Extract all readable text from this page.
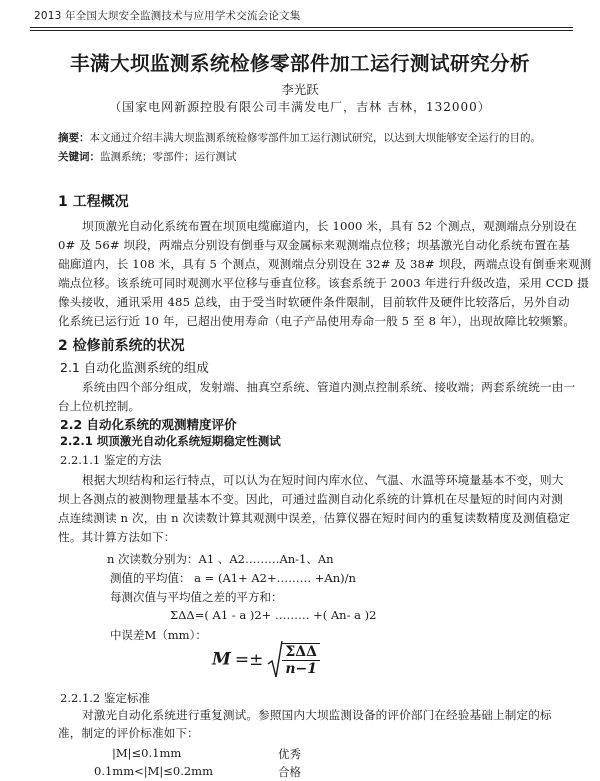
2013 年全国大坝安全监测技术与应用学术交流会论文集
丰满大坝监测系统检修零部件加工运行测试研究分析
李光跃
（国家电网新源控股有限公司丰满发电厂，吉林 吉林，132000）
摘要：本文通过介绍丰满大坝监测系统检修零部件加工运行测试研究，以达到大坝能够安全运行的目的。
关键词：监测系统；零部件；运行测试
1 工程概况
坝顶激光自动化系统布置在坝顶电缆廊道内，长 1000 米，具有 52 个测点，观测端点分别设在
0# 及 56# 坝段，两端点分别设有倒垂与双金属标来观测端点位移；坝基激光自动化系统布置在基
础廊道内，长 108 米，具有 5 个测点，观测端点分别设在 32# 及 38# 坝段，两端点设有倒垂来观测
端点位移。该系统可同时观测水平位移与垂直位移。该套系统于 2003 年进行升级改造，采用 CCD 摄
像头接收，通讯采用 485 总线，由于受当时软硬件条件限制，目前软件及硬件比较落后，另外自动
化系统已运行近 10 年，已超出使用寿命（电子产品使用寿命一般 5 至 8 年），出现故障比较频繁。
2 检修前系统的状况
2.1 自动化监测系统的组成
系统由四个部分组成，发射端、抽真空系统、管道内测点控制系统、接收端；两套系统统一由一
台上位机控制。
2.2 自动化系统的观测精度评价
2.2.1 坝顶激光自动化系统短期稳定性测试
2.2.1.1 鉴定的方法
根据大坝结构和运行特点，可以认为在短时间内库水位、气温、水温等环境量基本不变，则大
坝上各测点的被测物理量基本不变。因此，可通过监测自动化系统的计算机在尽量短的时间内对测
点连续测读 n 次，由 n 次读数计算其观测中误差，估算仪器在短时间内的重复读数精度及测值稳定
性。其计算方法如下：
n 次读数分别为：A1 、A2………An-1、An
测值的平均值： a = (A1+ A2+……… +An)/n
每测次值与平均值之差的平方和：
ΣΔΔ=( A1 - a )2+ ……… +( An- a )2
中误差M（mm）：
$M =\pm \frac{\text{ΣΔΔ}}{n-1}$
2.2.1.2 鉴定标准
对激光自动化系统进行重复测试。参照国内大坝监测设备的评价部门在经验基础上制定的标
准，制定的评价标准如下：
|M|≤0.1mm	优秀
0.1mm<|M|≤0.2mm	合格
